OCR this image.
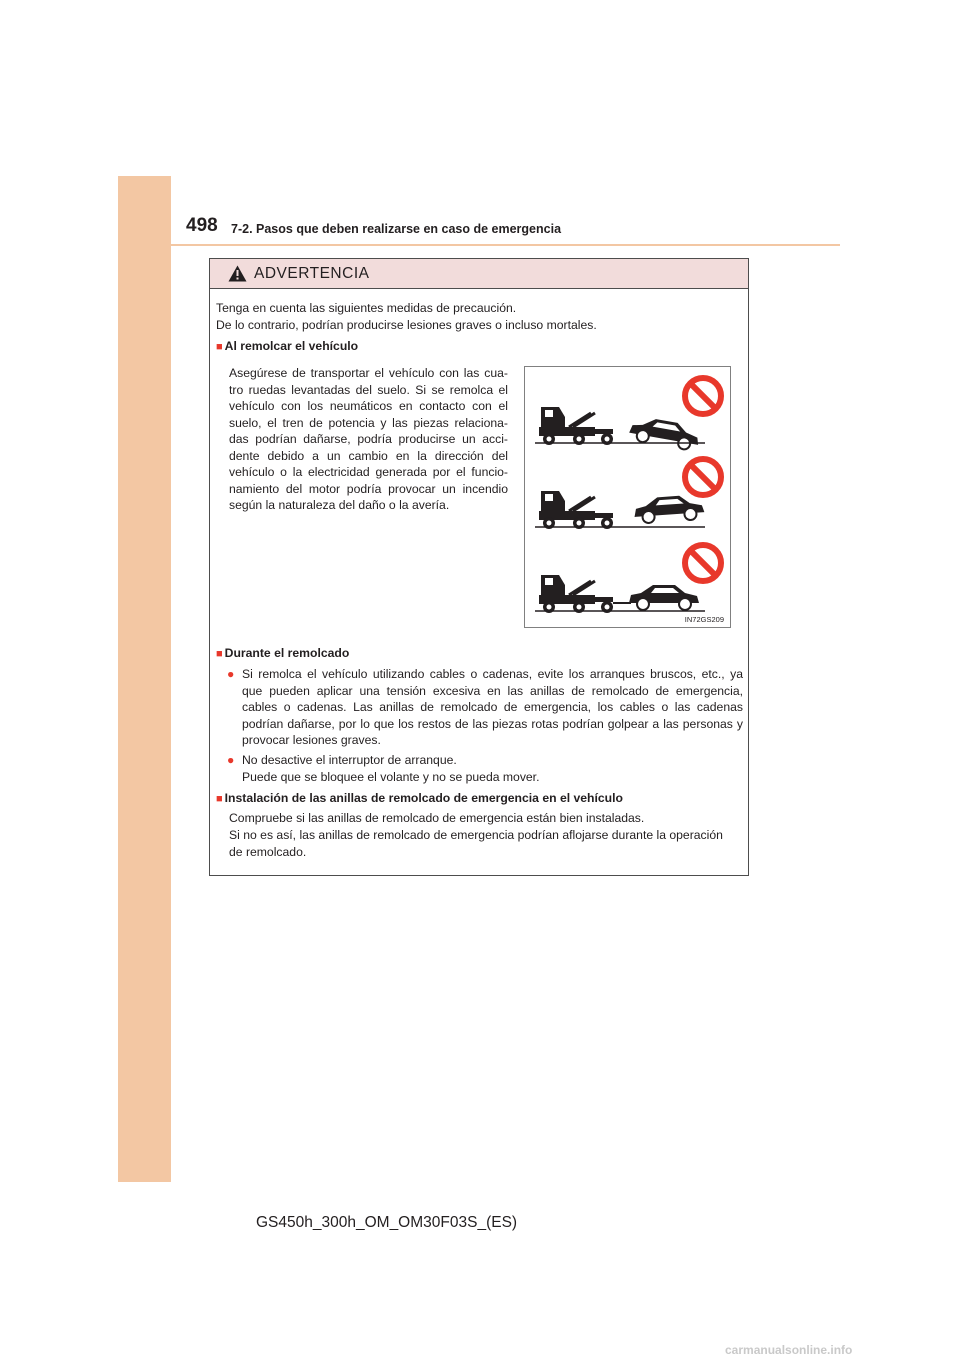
498 7-2. Pasos que deben realizarse en caso de emergencia
ADVERTENCIA

Tenga en cuenta las siguientes medidas de precaución.

De lo contrario, podrían producirse lesiones graves o incluso mortales.

■ Al remolcar el vehículo

Asegúrese de transportar el vehículo con las cua-
tro ruedas levantadas del suelo. Si se remolca el
vehículo con los neumáticos en contacto con el
suelo, el tren de potencia y las piezas relaciona-
das podrían dañarse, podría producirse un acci-
dente debido a un cambio en la dirección del
vehículo o la electricidad generada por el funcio-
namiento del motor podría provocar un incendio
según la naturaleza del daño o la avería.
IN72GS209

■ Durante el remolcado

● Si remolca el vehículo utilizando cables o cadenas, evite los arranques bruscos, etc., ya
que pueden aplicar una tensión excesiva en las anillas de remolcado de emergencia,
cables o cadenas. Las anillas de remolcado de emergencia, los cables o las cadenas
podrían dañarse, por lo que los restos de las piezas rotas podrían golpear a las personas y
provocar lesiones graves.
● No desactive el interruptor de arranque.

Puede que se bloquee el volante y no se pueda mover.

■ Instalación de las anillas de remolcado de emergencia en el vehículo

Compruebe si las anillas de remolcado de emergencia están bien instaladas.

Si no es así, las anillas de remolcado de emergencia podrían aflojarse durante la operación

de remolcado.

GS450h_300h_OM_OM30F03S_(ES)
carmanualsonline.info
